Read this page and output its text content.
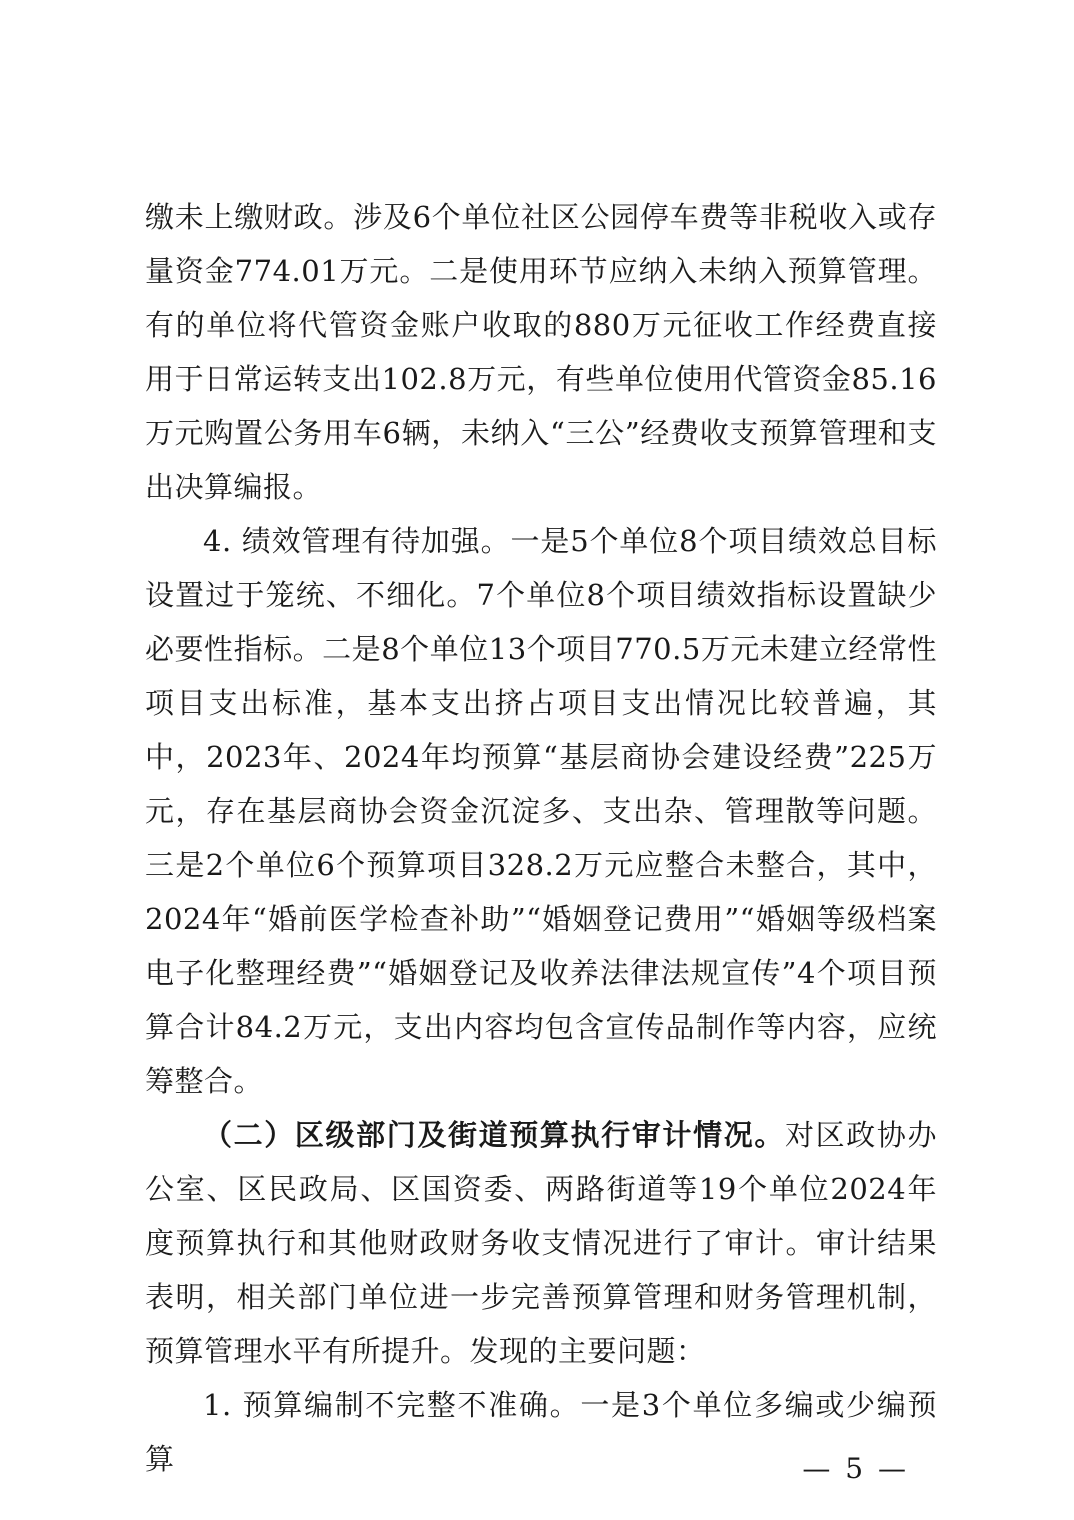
缴未上缴财政。涉及6个单位社区公园停车费等非税收入或存量资金774.01万元。二是使用环节应纳入未纳入预算管理。有的单位将代管资金账户收取的880万元征收工作经费直接用于日常运转支出102.8万元，有些单位使用代管资金85.16万元购置公务用车6辆，未纳入“三公”经费收支预算管理和支出决算编报。

4. 绩效管理有待加强。一是5个单位8个项目绩效总目标设置过于笼统、不细化。7个单位8个项目绩效指标设置缺少必要性指标。二是8个单位13个项目770.5万元未建立经常性项目支出标准，基本支出挤占项目支出情况比较普遍，其中，2023年、2024年均预算“基层商协会建设经费”225万元，存在基层商协会资金沉淀多、支出杂、管理散等问题。三是2个单位6个预算项目328.2万元应整合未整合，其中，2024年“婚前医学检查补助”“婚姻登记费用”“婚姻等级档案电子化整理经费”“婚姻登记及收养法律法规宣传”4个项目预算合计84.2万元，支出内容均包含宣传品制作等内容，应统筹整合。

（二）区级部门及街道预算执行审计情况。对区政协办公室、区民政局、区国资委、两路街道等19个单位2024年度预算执行和其他财政财务收支情况进行了审计。审计结果表明，相关部门单位进一步完善预算管理和财务管理机制，预算管理水平有所提升。发现的主要问题：

1. 预算编制不完整不准确。一是3个单位多编或少编预算	— 5 —
